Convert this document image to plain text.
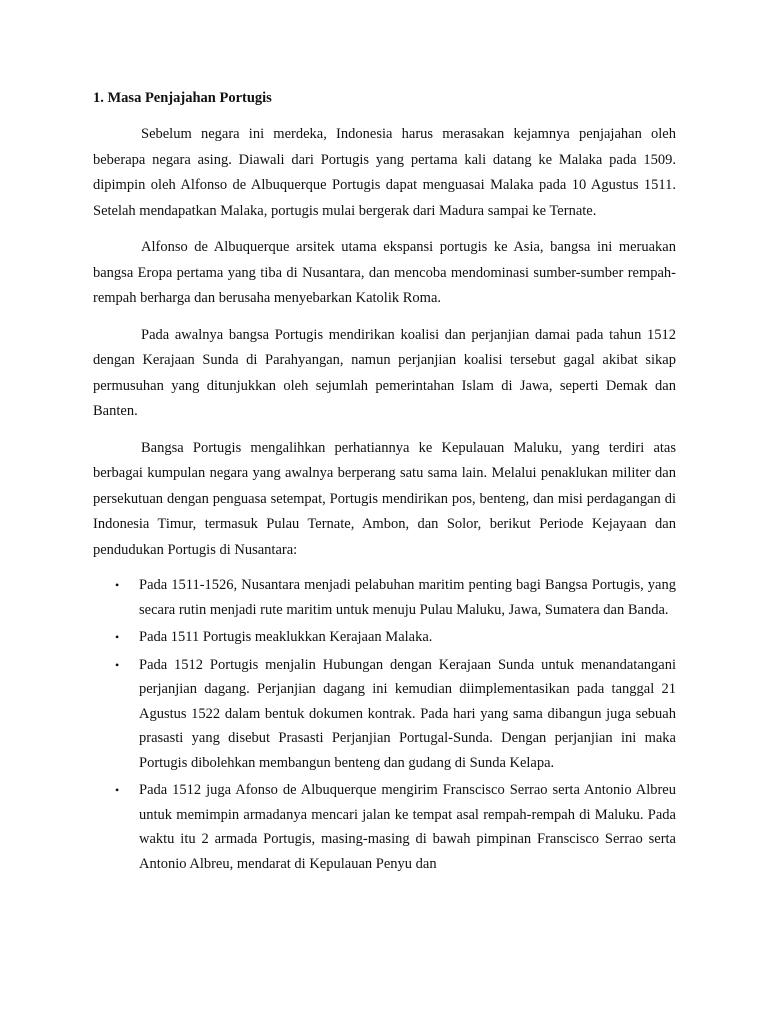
1. Masa Penjajahan Portugis

Sebelum negara ini merdeka, Indonesia harus merasakan kejamnya penjajahan oleh beberapa negara asing. Diawali dari Portugis yang pertama kali datang ke Malaka pada 1509. dipimpin oleh Alfonso de Albuquerque Portugis dapat menguasai Malaka pada 10 Agustus 1511. Setelah mendapatkan Malaka, portugis mulai bergerak dari Madura sampai ke Ternate.

Alfonso de Albuquerque arsitek utama ekspansi portugis ke Asia, bangsa ini meruakan bangsa Eropa pertama yang tiba di Nusantara, dan mencoba mendominasi sumber-sumber rempah-rempah berharga dan berusaha menyebarkan Katolik Roma.

Pada awalnya bangsa Portugis mendirikan koalisi dan perjanjian damai pada tahun 1512 dengan Kerajaan Sunda di Parahyangan, namun perjanjian koalisi tersebut gagal akibat sikap permusuhan yang ditunjukkan oleh sejumlah pemerintahan Islam di Jawa, seperti Demak dan Banten.

Bangsa Portugis mengalihkan perhatiannya ke Kepulauan Maluku, yang terdiri atas berbagai kumpulan negara yang awalnya berperang satu sama lain. Melalui penaklukan militer dan persekutuan dengan penguasa setempat, Portugis mendirikan pos, benteng, dan misi perdagangan di Indonesia Timur, termasuk Pulau Ternate, Ambon, dan Solor, berikut Periode Kejayaan dan pendudukan Portugis di Nusantara:

• Pada 1511-1526, Nusantara menjadi pelabuhan maritim penting bagi Bangsa Portugis, yang secara rutin menjadi rute maritim untuk menuju Pulau Maluku, Jawa, Sumatera dan Banda.
• Pada 1511 Portugis meaklukkan Kerajaan Malaka.
• Pada 1512 Portugis menjalin Hubungan dengan Kerajaan Sunda untuk menandatangani perjanjian dagang. Perjanjian dagang ini kemudian diimplementasikan pada tanggal 21 Agustus 1522 dalam bentuk dokumen kontrak. Pada hari yang sama dibangun juga sebuah prasasti yang disebut Prasasti Perjanjian Portugal-Sunda. Dengan perjanjian ini maka Portugis dibolehkan membangun benteng dan gudang di Sunda Kelapa.
• Pada 1512 juga Afonso de Albuquerque mengirim Franscisco Serrao serta Antonio Albreu untuk memimpin armadanya mencari jalan ke tempat asal rempah-rempah di Maluku. Pada waktu itu 2 armada Portugis, masing-masing di bawah pimpinan Franscisco Serrao serta Antonio Albreu, mendarat di Kepulauan Penyu dan
